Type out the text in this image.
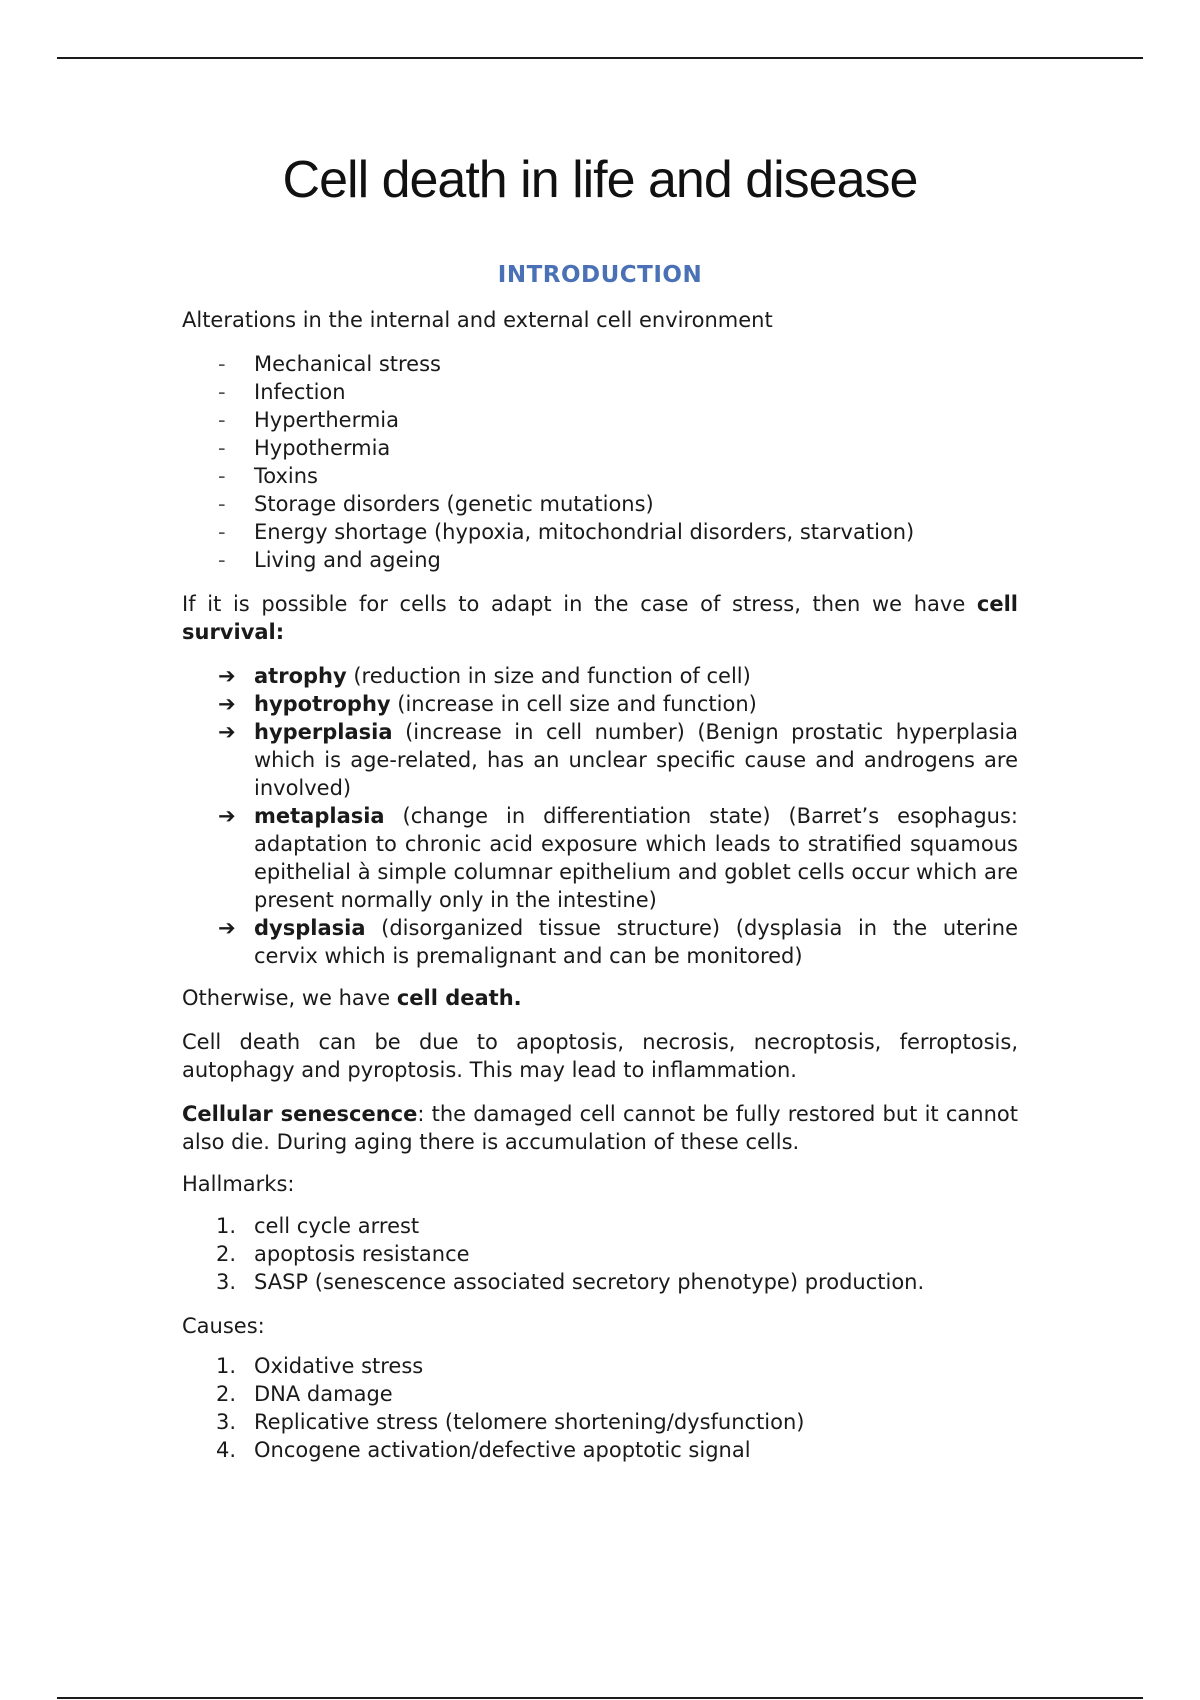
Cell death in life and disease
INTRODUCTION

Alterations in the internal and external cell environment

- Mechanical stress
- Infection
- Hyperthermia
- Hypothermia
- Toxins
- Storage disorders (genetic mutations)
- Energy shortage (hypoxia, mitochondrial disorders, starvation)
- Living and ageing

If it is possible for cells to adapt in the case of stress, then we have cell survival:

➔ atrophy (reduction in size and function of cell)
➔ hypotrophy (increase in cell size and function)
➔ hyperplasia (increase in cell number) (Benign prostatic hyperplasia which is age-related, has an unclear specific cause and androgens are involved)
➔ metaplasia (change in differentiation state) (Barret’s esophagus: adaptation to chronic acid exposure which leads to stratified squamous epithelial à simple columnar epithelium and goblet cells occur which are present normally only in the intestine)
➔ dysplasia (disorganized tissue structure) (dysplasia in the uterine cervix which is premalignant and can be monitored)

Otherwise, we have cell death.

Cell death can be due to apoptosis, necrosis, necroptosis, ferroptosis, autophagy and pyroptosis. This may lead to inflammation.

Cellular senescence: the damaged cell cannot be fully restored but it cannot also die. During aging there is accumulation of these cells.

Hallmarks:

1. cell cycle arrest
2. apoptosis resistance
3. SASP (senescence associated secretory phenotype) production.

Causes:

1. Oxidative stress
2. DNA damage
3. Replicative stress (telomere shortening/dysfunction)
4. Oncogene activation/defective apoptotic signal
